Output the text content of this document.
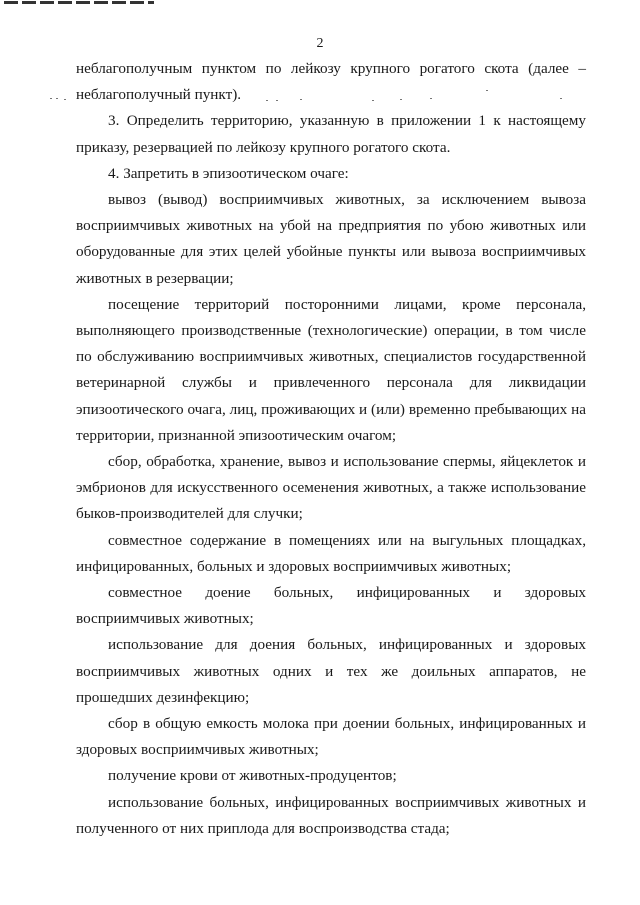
2

неблагополучным пунктом по лейкозу крупного рогатого скота (далее – неблагополучный пункт).

3. Определить территорию, указанную в приложении 1 к настоящему приказу, резервацией по лейкозу крупного рогатого скота.

4. Запретить в эпизоотическом очаге:

вывоз (вывод) восприимчивых животных, за исключением вывоза восприимчивых животных на убой на предприятия по убою животных или оборудованные для этих целей убойные пункты или вывоза восприимчивых животных в резервации;

посещение территорий посторонними лицами, кроме персонала, выполняющего производственные (технологические) операции, в том числе по обслуживанию восприимчивых животных, специалистов государственной ветеринарной службы и привлеченного персонала для ликвидации эпизоотического очага, лиц, проживающих и (или) временно пребывающих на территории, признанной эпизоотическим очагом;

сбор, обработка, хранение, вывоз и использование спермы, яйцеклеток и эмбрионов для искусственного осеменения животных, а также использование быков-производителей для случки;

совместное содержание в помещениях или на выгульных площадках, инфицированных, больных и здоровых восприимчивых животных;

совместное доение больных, инфицированных и здоровых восприимчивых животных;

использование для доения больных, инфицированных и здоровых восприимчивых животных одних и тех же доильных аппаратов, не прошедших дезинфекцию;

сбор в общую емкость молока при доении больных, инфицированных и здоровых восприимчивых животных;

получение крови от животных-продуцентов;

использование больных, инфицированных восприимчивых животных и полученного от них приплода для воспроизводства стада;
